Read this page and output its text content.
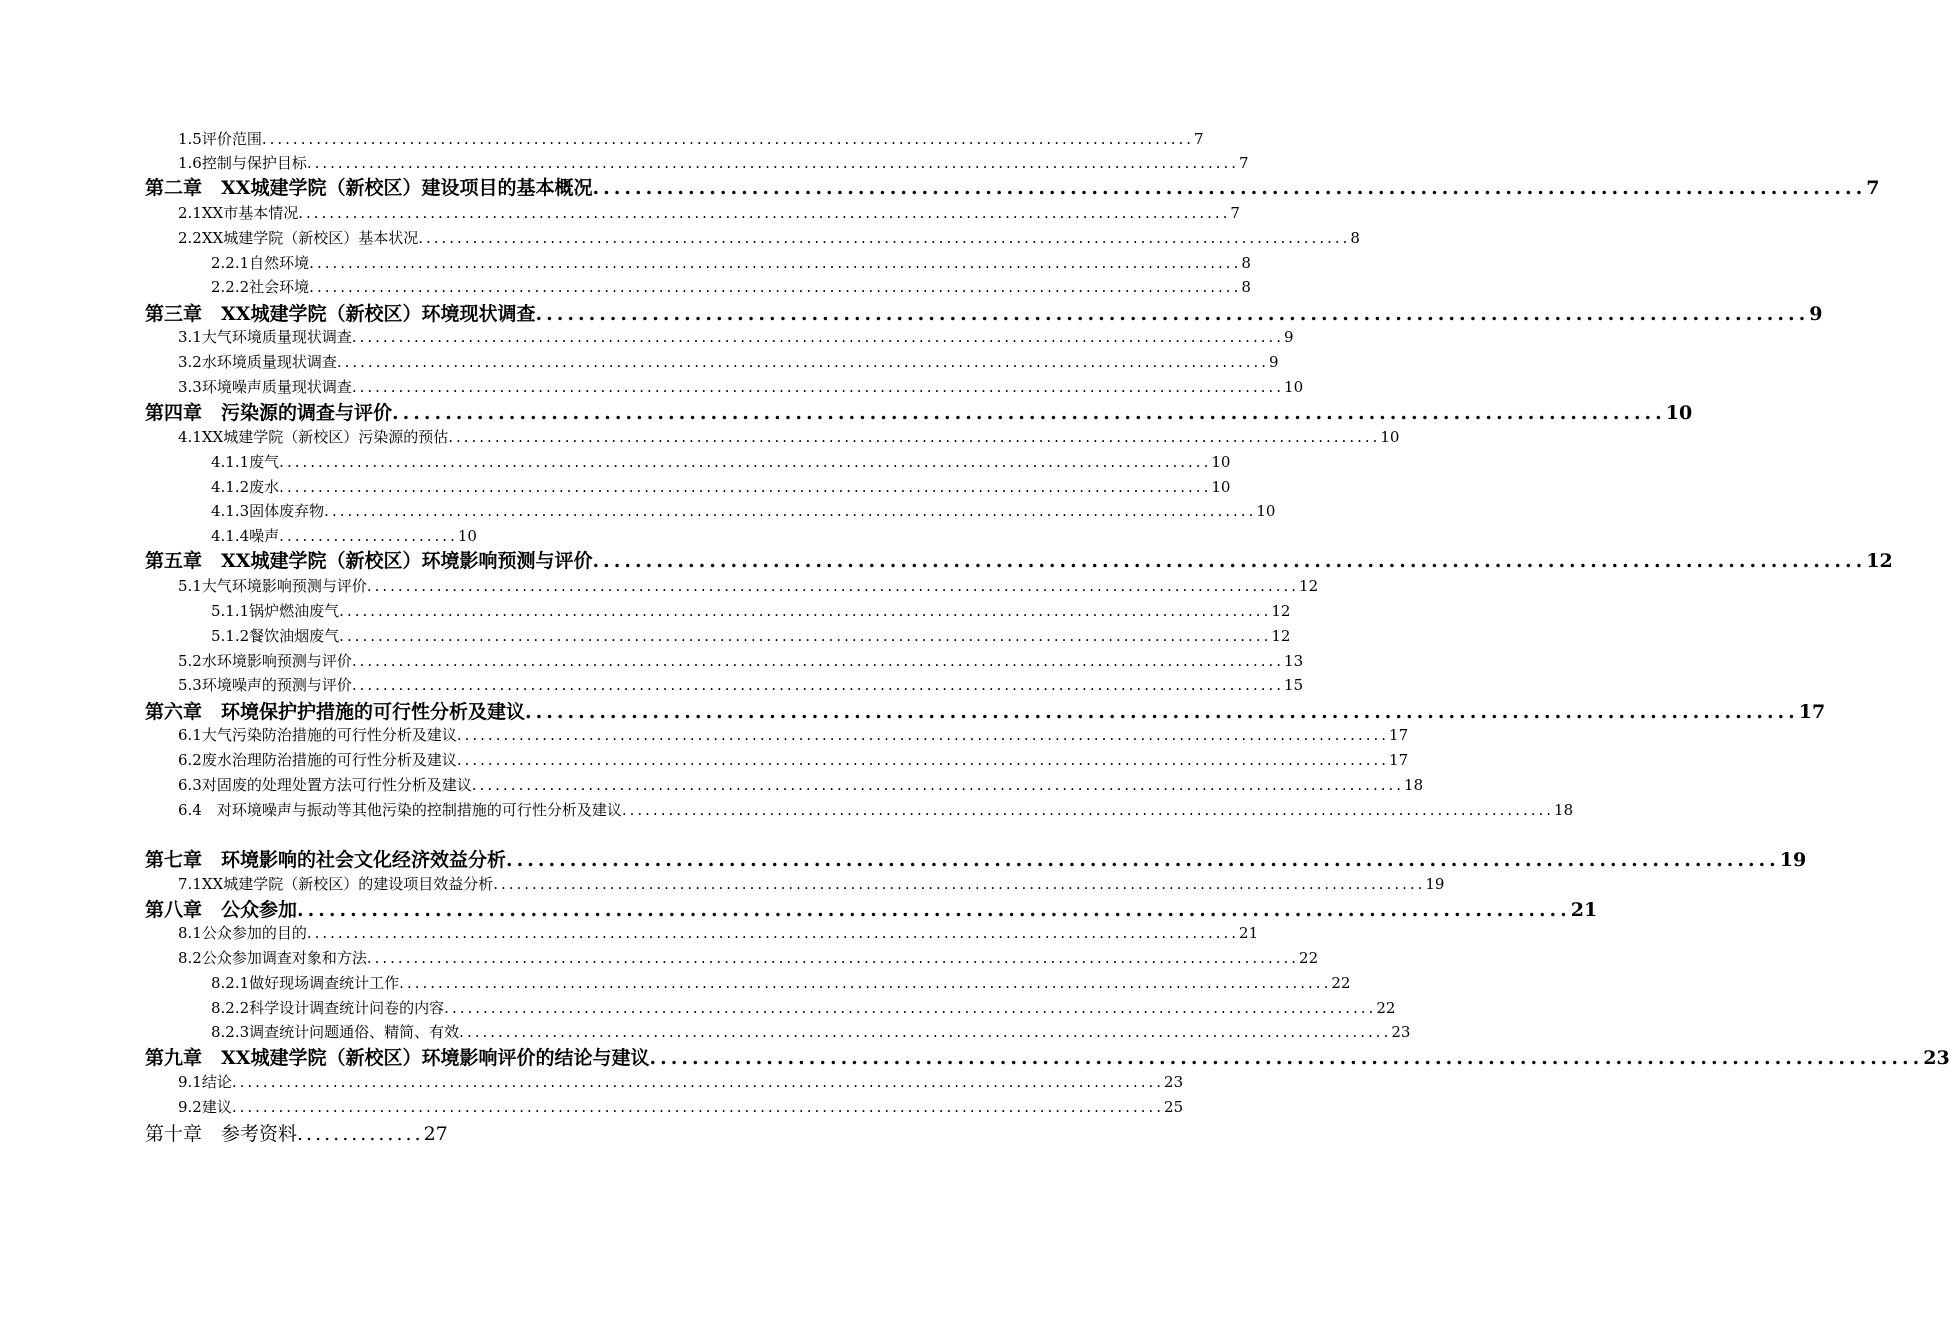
1.5评价范围 ........................................................................................................................ 7
1.6控制与保护目标 ........................................................................................................................ 7
第二章　XX城建学院（新校区）建设项目的基本概况 ........................................................................................................................ 7
2.1XX市基本情况 ........................................................................................................................ 7
2.2XX城建学院（新校区）基本状况 ........................................................................................................................ 8
2.2.1自然环境 ........................................................................................................................ 8
2.2.2社会环境 ........................................................................................................................ 8
第三章　XX城建学院（新校区）环境现状调查 ........................................................................................................................ 9
3.1大气环境质量现状调查 ........................................................................................................................ 9
3.2水环境质量现状调查 ........................................................................................................................ 9
3.3环境噪声质量现状调查 ........................................................................................................................ 10
第四章　污染源的调查与评价 ........................................................................................................................ 10
4.1XX城建学院（新校区）污染源的预估 ........................................................................................................................ 10
4.1.1废气 ........................................................................................................................ 10
4.1.2废水 ........................................................................................................................ 10
4.1.3固体废弃物 ........................................................................................................................ 10
4.1.4噪声 ....................... 10
第五章　XX城建学院（新校区）环境影响预测与评价 ........................................................................................................................ 12
5.1大气环境影响预测与评价 ........................................................................................................................ 12
5.1.1锅炉燃油废气 ........................................................................................................................ 12
5.1.2餐饮油烟废气 ........................................................................................................................ 12
5.2水环境影响预测与评价 ........................................................................................................................ 13
5.3环境噪声的预测与评价 ........................................................................................................................ 15
第六章　环境保护护措施的可行性分析及建议 ........................................................................................................................ 17
6.1大气污染防治措施的可行性分析及建议 ........................................................................................................................ 17
6.2废水治理防治措施的可行性分析及建议 ........................................................................................................................ 17
6.3对固废的处理处置方法可行性分析及建议 ........................................................................................................................ 18
6.4　对环境噪声与振动等其他污染的控制措施的可行性分析及建议 ........................................................................................................................ 18
第七章　环境影响的社会文化经济效益分析 ........................................................................................................................ 19
7.1XX城建学院（新校区）的建设项目效益分析 ........................................................................................................................ 19
第八章　公众参加 ........................................................................................................................ 21
8.1公众参加的目的 ........................................................................................................................ 21
8.2公众参加调查对象和方法 ........................................................................................................................ 22
8.2.1做好现场调查统计工作 ........................................................................................................................ 22
8.2.2科学设计调查统计问卷的内容 ........................................................................................................................ 22
8.2.3调查统计问题通俗、精简、有效 ........................................................................................................................ 23
第九章　XX城建学院（新校区）环境影响评价的结论与建议 ........................................................................................................................ 23
9.1结论 ........................................................................................................................ 23
9.2建议 ........................................................................................................................ 25
第十章　参考资料 .............. 27
